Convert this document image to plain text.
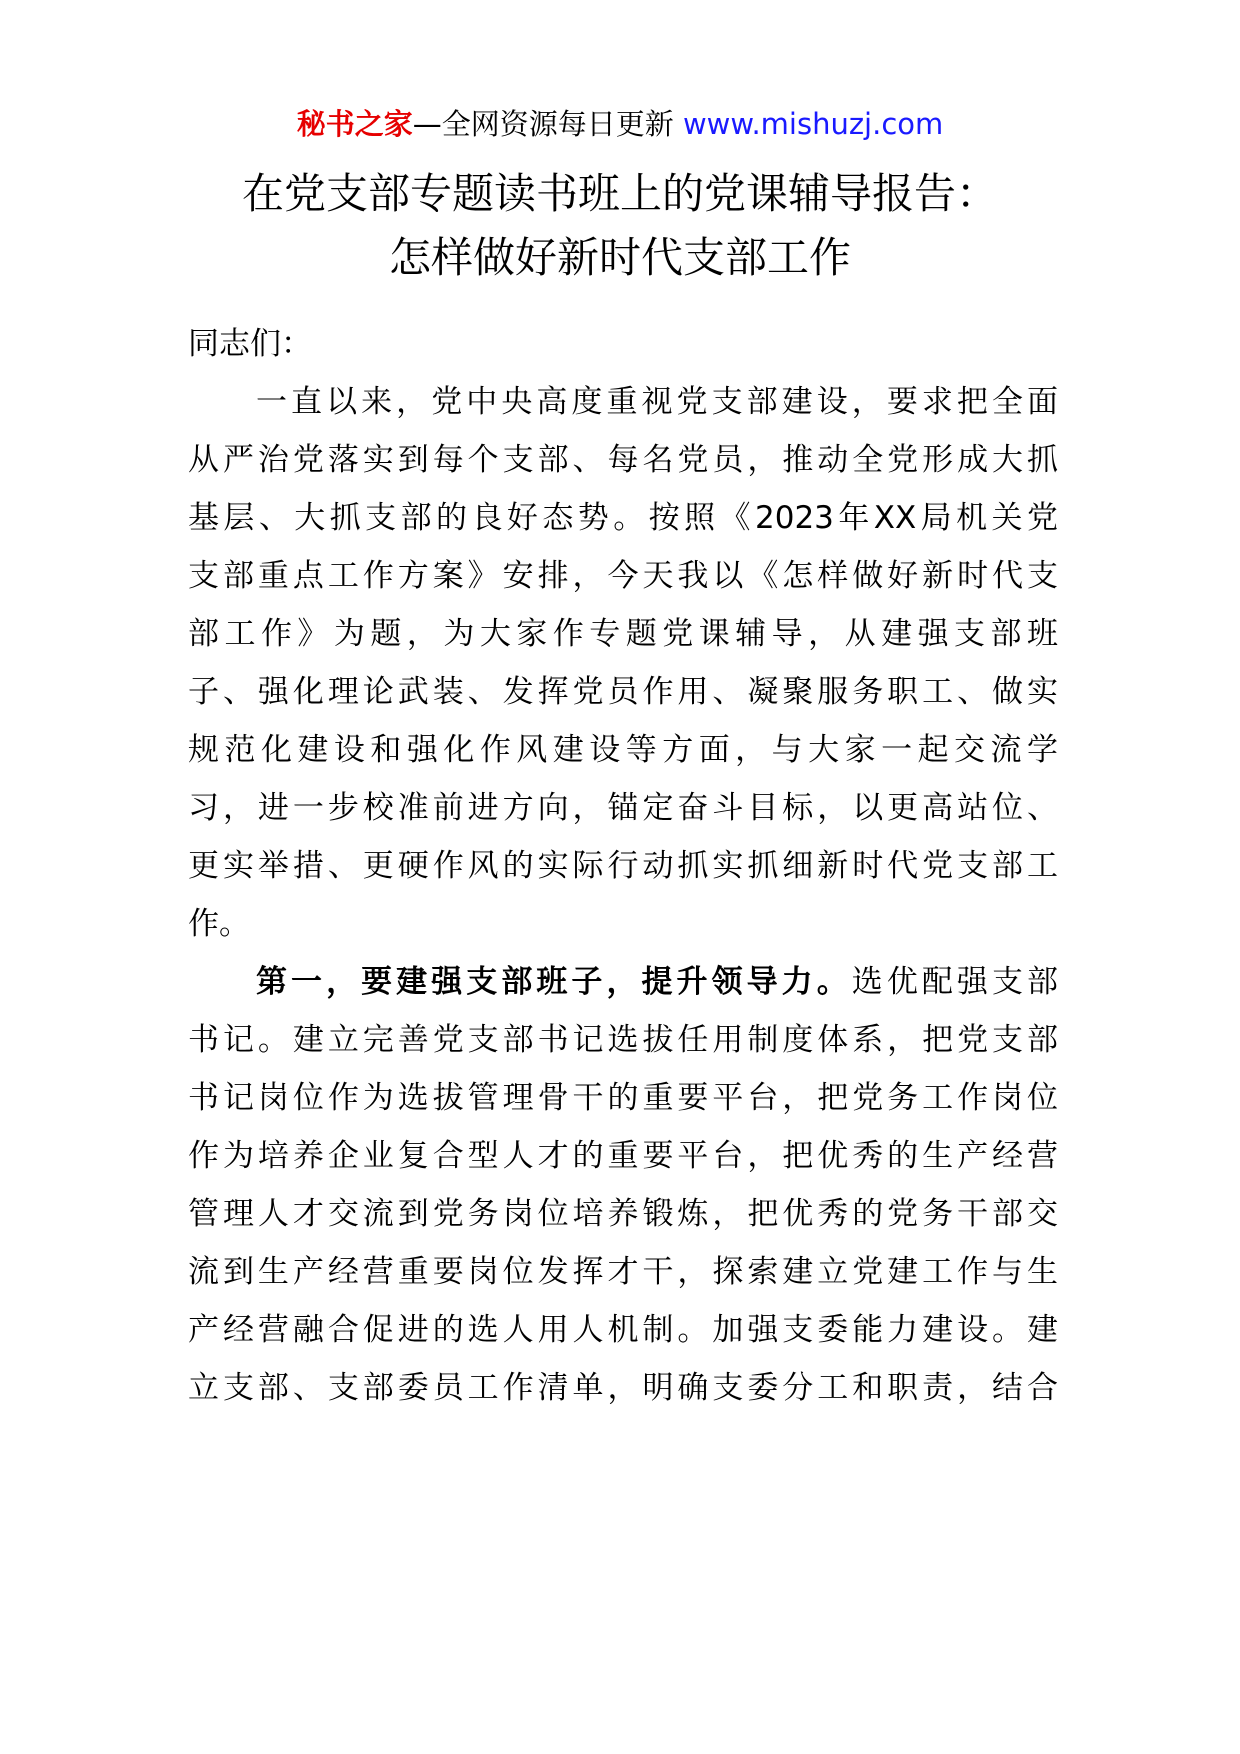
秘书之家—全网资源每日更新 www.mishuzj.com
在党支部专题读书班上的党课辅导报告：
怎样做好新时代支部工作
同志们：
一直以来，党中央高度重视党支部建设，要求把全面
从严治党落实到每个支部、每名党员，推动全党形成大抓
基层、大抓支部的良好态势。按照《2023年XX局机关党
支部重点工作方案》安排，今天我以《怎样做好新时代支
部工作》为题，为大家作专题党课辅导，从建强支部班
子、强化理论武装、发挥党员作用、凝聚服务职工、做实
规范化建设和强化作风建设等方面，与大家一起交流学
习，进一步校准前进方向，锚定奋斗目标，以更高站位、
更实举措、更硬作风的实际行动抓实抓细新时代党支部工
作。
第一，要建强支部班子，提升领导力。选优配强支部
书记。建立完善党支部书记选拔任用制度体系，把党支部
书记岗位作为选拔管理骨干的重要平台，把党务工作岗位
作为培养企业复合型人才的重要平台，把优秀的生产经营
管理人才交流到党务岗位培养锻炼，把优秀的党务干部交
流到生产经营重要岗位发挥才干，探索建立党建工作与生
产经营融合促进的选人用人机制。加强支委能力建设。建
立支部、支部委员工作清单，明确支委分工和职责，结合
